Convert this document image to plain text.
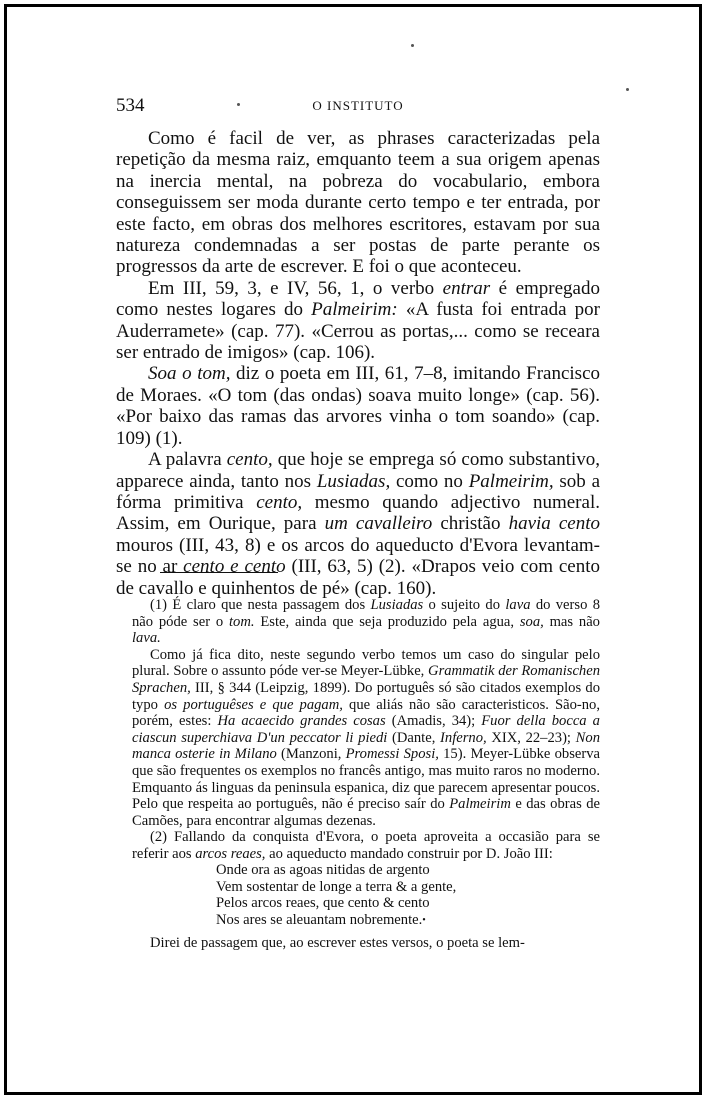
534	O INSTITUTO

Como é facil de ver, as phrases caracterizadas pela repetição da mesma raiz, emquanto teem a sua origem apenas na inercia mental, na pobreza do vocabulario, embora conseguissem ser moda durante certo tempo e ter entrada, por este facto, em obras dos melhores escritores, estavam por sua natureza condemnadas a ser postas de parte perante os progressos da arte de escrever. E foi o que aconteceu.

Em III, 59, 3, e IV, 56, 1, o verbo entrar é empregado como nestes logares do Palmeirim: «A fusta foi entrada por Auderramete» (cap. 77). «Cerrou as portas,... como se receara ser entrado de imigos» (cap. 106).

Soa o tom, diz o poeta em III, 61, 7–8, imitando Francisco de Moraes. «O tom (das ondas) soava muito longe» (cap. 56). «Por baixo das ramas das arvores vinha o tom soando» (cap. 109) (1).

A palavra cento, que hoje se emprega só como substantivo, apparece ainda, tanto nos Lusiadas, como no Palmeirim, sob a fórma primitiva cento, mesmo quando adjectivo numeral. Assim, em Ourique, para um cavalleiro christão havia cento mouros (III, 43, 8) e os arcos do aqueducto d'Evora levantam-se no ar cento e cento (III, 63, 5) (2). «Drapos veio com cento de cavallo e quinhentos de pé» (cap. 160).

(1) É claro que nesta passagem dos Lusiadas o sujeito do lava do verso 8 não póde ser o tom. Este, ainda que seja produzido pela agua, soa, mas não lava.

Como já fica dito, neste segundo verbo temos um caso do singular pelo plural. Sobre o assunto póde ver-se Meyer-Lübke, Grammatik der Romanischen Sprachen, III, § 344 (Leipzig, 1899). Do português só são citados exemplos do typo os portuguêses e que pagam, que aliás não são caracteristicos. São-no, porém, estes: Ha acaecido grandes cosas (Amadis, 34); Fuor della bocca a ciascun superchiava D'un peccator li piedi (Dante, Inferno, XIX, 22–23); Non manca osterie in Milano (Manzoni, Promessi Sposi, 15). Meyer-Lübke observa que são frequentes os exemplos no francês antigo, mas muito raros no moderno. Emquanto ás linguas da peninsula espanica, diz que parecem apresentar poucos. Pelo que respeita ao português, não é preciso saír do Palmeirim e das obras de Camões, para encontrar algumas dezenas.

(2) Fallando da conquista d'Evora, o poeta aproveita a occasião para se referir aos arcos reaes, ao aqueducto mandado construir por D. João III:

Onde ora as agoas nitidas de argento
Vem sostentar de longe a terra & a gente,
Pelos arcos reaes, que cento & cento
Nos ares se aleuantam nobremente.•
Direi de passagem que, ao escrever estes versos, o poeta se lem-
